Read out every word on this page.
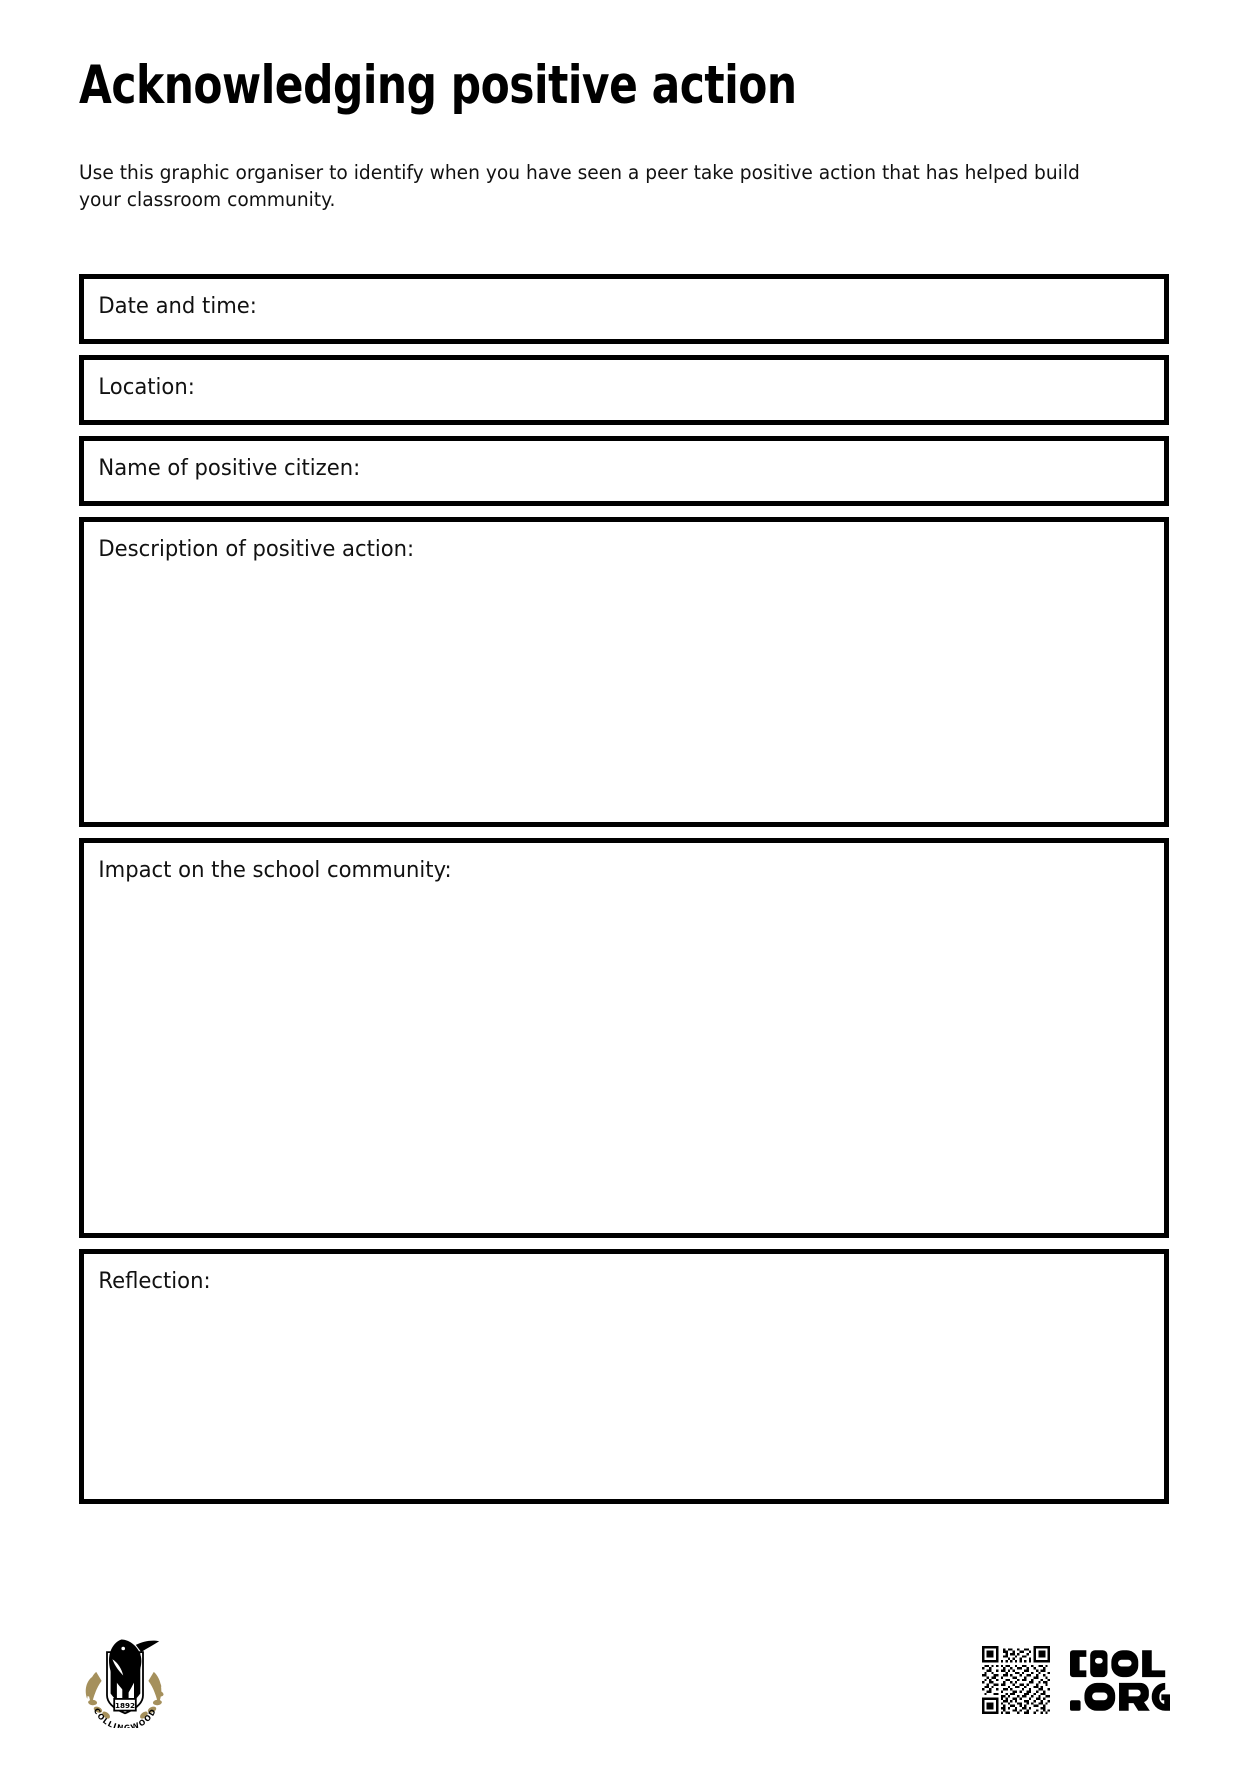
Acknowledging positive action

Use this graphic organiser to identify when you have seen a peer take positive action that has helped build your classroom community.

Date and time:
Location:
Name of positive citizen:
Description of positive action:
Impact on the school community:
Reflection:
1892
COLLINGWOOD
